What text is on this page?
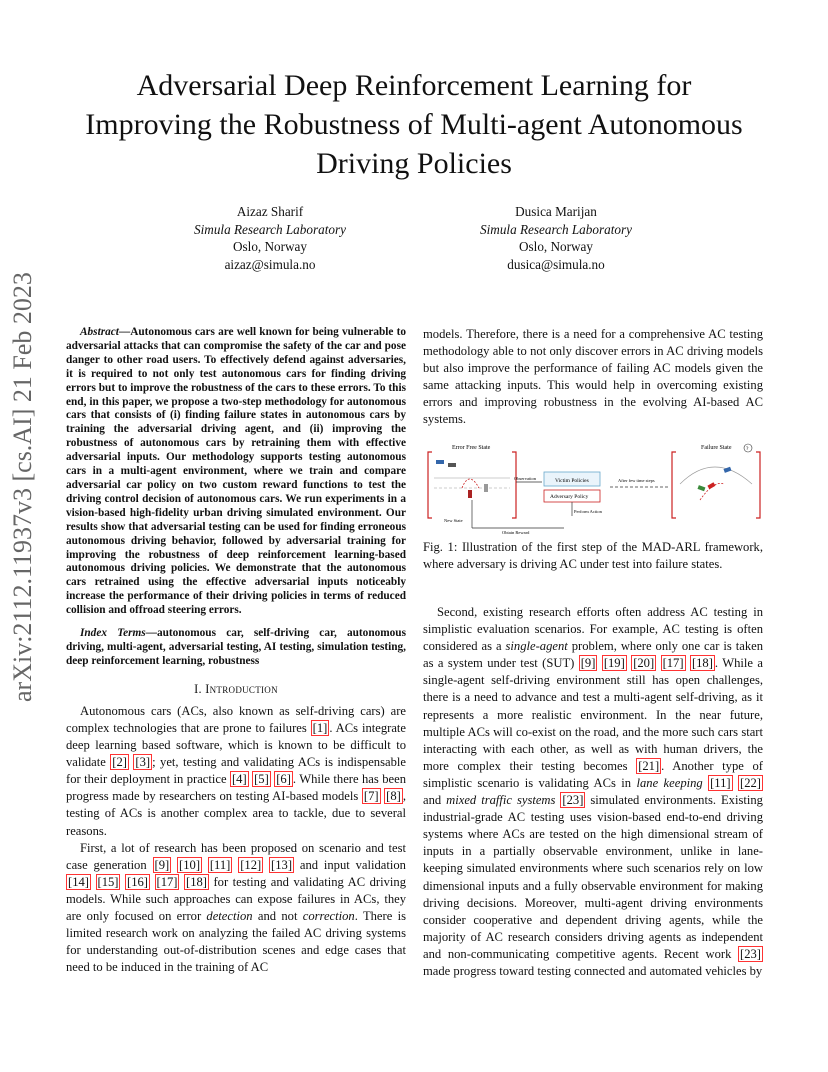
Adversarial Deep Reinforcement Learning for Improving the Robustness of Multi-agent Autonomous Driving Policies
Aizaz Sharif
Simula Research Laboratory
Oslo, Norway
aizaz@simula.no
Dusica Marijan
Simula Research Laboratory
Oslo, Norway
dusica@simula.no
arXiv:2112.11937v3 [cs.AI] 21 Feb 2023	Abstract—Autonomous cars are well known for being vulnerable to adversarial attacks that can compromise the safety of the car and pose danger to other road users. To effectively defend against adversaries, it is required to not only test autonomous cars for finding driving errors but to improve the robustness of the cars to these errors. To this end, in this paper, we propose a two-step methodology for autonomous cars that consists of (i) finding failure states in autonomous cars by training the adversarial driving agent, and (ii) improving the robustness of autonomous cars by retraining them with effective adversarial inputs. Our methodology supports testing autonomous cars in a multi-agent environment, where we train and compare adversarial car policy on two custom reward functions to test the driving control decision of autonomous cars. We run experiments in a vision-based high-fidelity urban driving simulated environment. Our results show that adversarial testing can be used for finding erroneous autonomous driving behavior, followed by adversarial training for improving the robustness of deep reinforcement learning-based autonomous driving policies. We demonstrate that the autonomous cars retrained using the effective adversarial inputs noticeably increase the performance of their driving policies in terms of reduced collision and offroad steering errors.

Index Terms—autonomous car, self-driving car, autonomous driving, multi-agent, adversarial testing, AI testing, simulation testing, deep reinforcement learning, robustness

I. Introduction

Autonomous cars (ACs, also known as self-driving cars) are complex technologies that are prone to failures [1] . ACs integrate deep learning based software, which is known to be difficult to validate [2] [3] ; yet, testing and validating ACs is indispensable for their deployment in practice [4] [5] [6] . While there has been progress made by researchers on testing AI-based models [7] [8] , testing of ACs is another complex area to tackle, due to several reasons.

First, a lot of research has been proposed on scenario and test case generation [9] [10] [11] [12] [13] and input validation [14] [15] [16] [17] [18] for testing and validating AC driving models. While such approaches can expose failures in ACs, they are only focused on error detection and not correction. There is limited research work on analyzing the failed AC driving systems for understanding out-of-distribution scenes and edge cases that need to be induced in the training of AC

models. Therefore, there is a need for a comprehensive AC testing methodology able to not only discover errors in AC driving models but also improve the performance of failing AC models given the same attacking inputs. This would help in overcoming existing errors and improving robustness in the evolving AI-based AC systems.

Error Free State
New State
Obtain Reward
Observation	Victim Policies
Adversary Policy
Perform Action
After few time steps
Failure State	?
Fig. 1: Illustration of the first step of the MAD-ARL framework, where adversary is driving AC under test into failure states.

Second, existing research efforts often address AC testing in simplistic evaluation scenarios. For example, AC testing is often considered as a single-agent problem, where only one car is taken as a system under test (SUT) [9] [19] [20] [17] [18] . While a single-agent self-driving environment still has open challenges, there is a need to advance and test a multi-agent self-driving, as it represents a more realistic environment. In the near future, multiple ACs will co-exist on the road, and the more such cars start interacting with each other, as well as with human drivers, the more complex their testing becomes [21] . Another type of simplistic scenario is validating ACs in lane keeping [11] [22] and mixed traffic systems [23] simulated environments. Existing industrial-grade AC testing uses vision-based end-to-end driving systems where ACs are tested on the high dimensional stream of inputs in a partially observable environment, unlike in lane-keeping simulated environments where such scenarios rely on low dimensional inputs and a fully observable environment for making driving decisions. Moreover, multi-agent driving environments consider cooperative and dependent driving agents, while the majority of AC research considers driving agents as independent and non-communicating competitive agents. Recent work [23] made progress toward testing connected and automated vehicles by
